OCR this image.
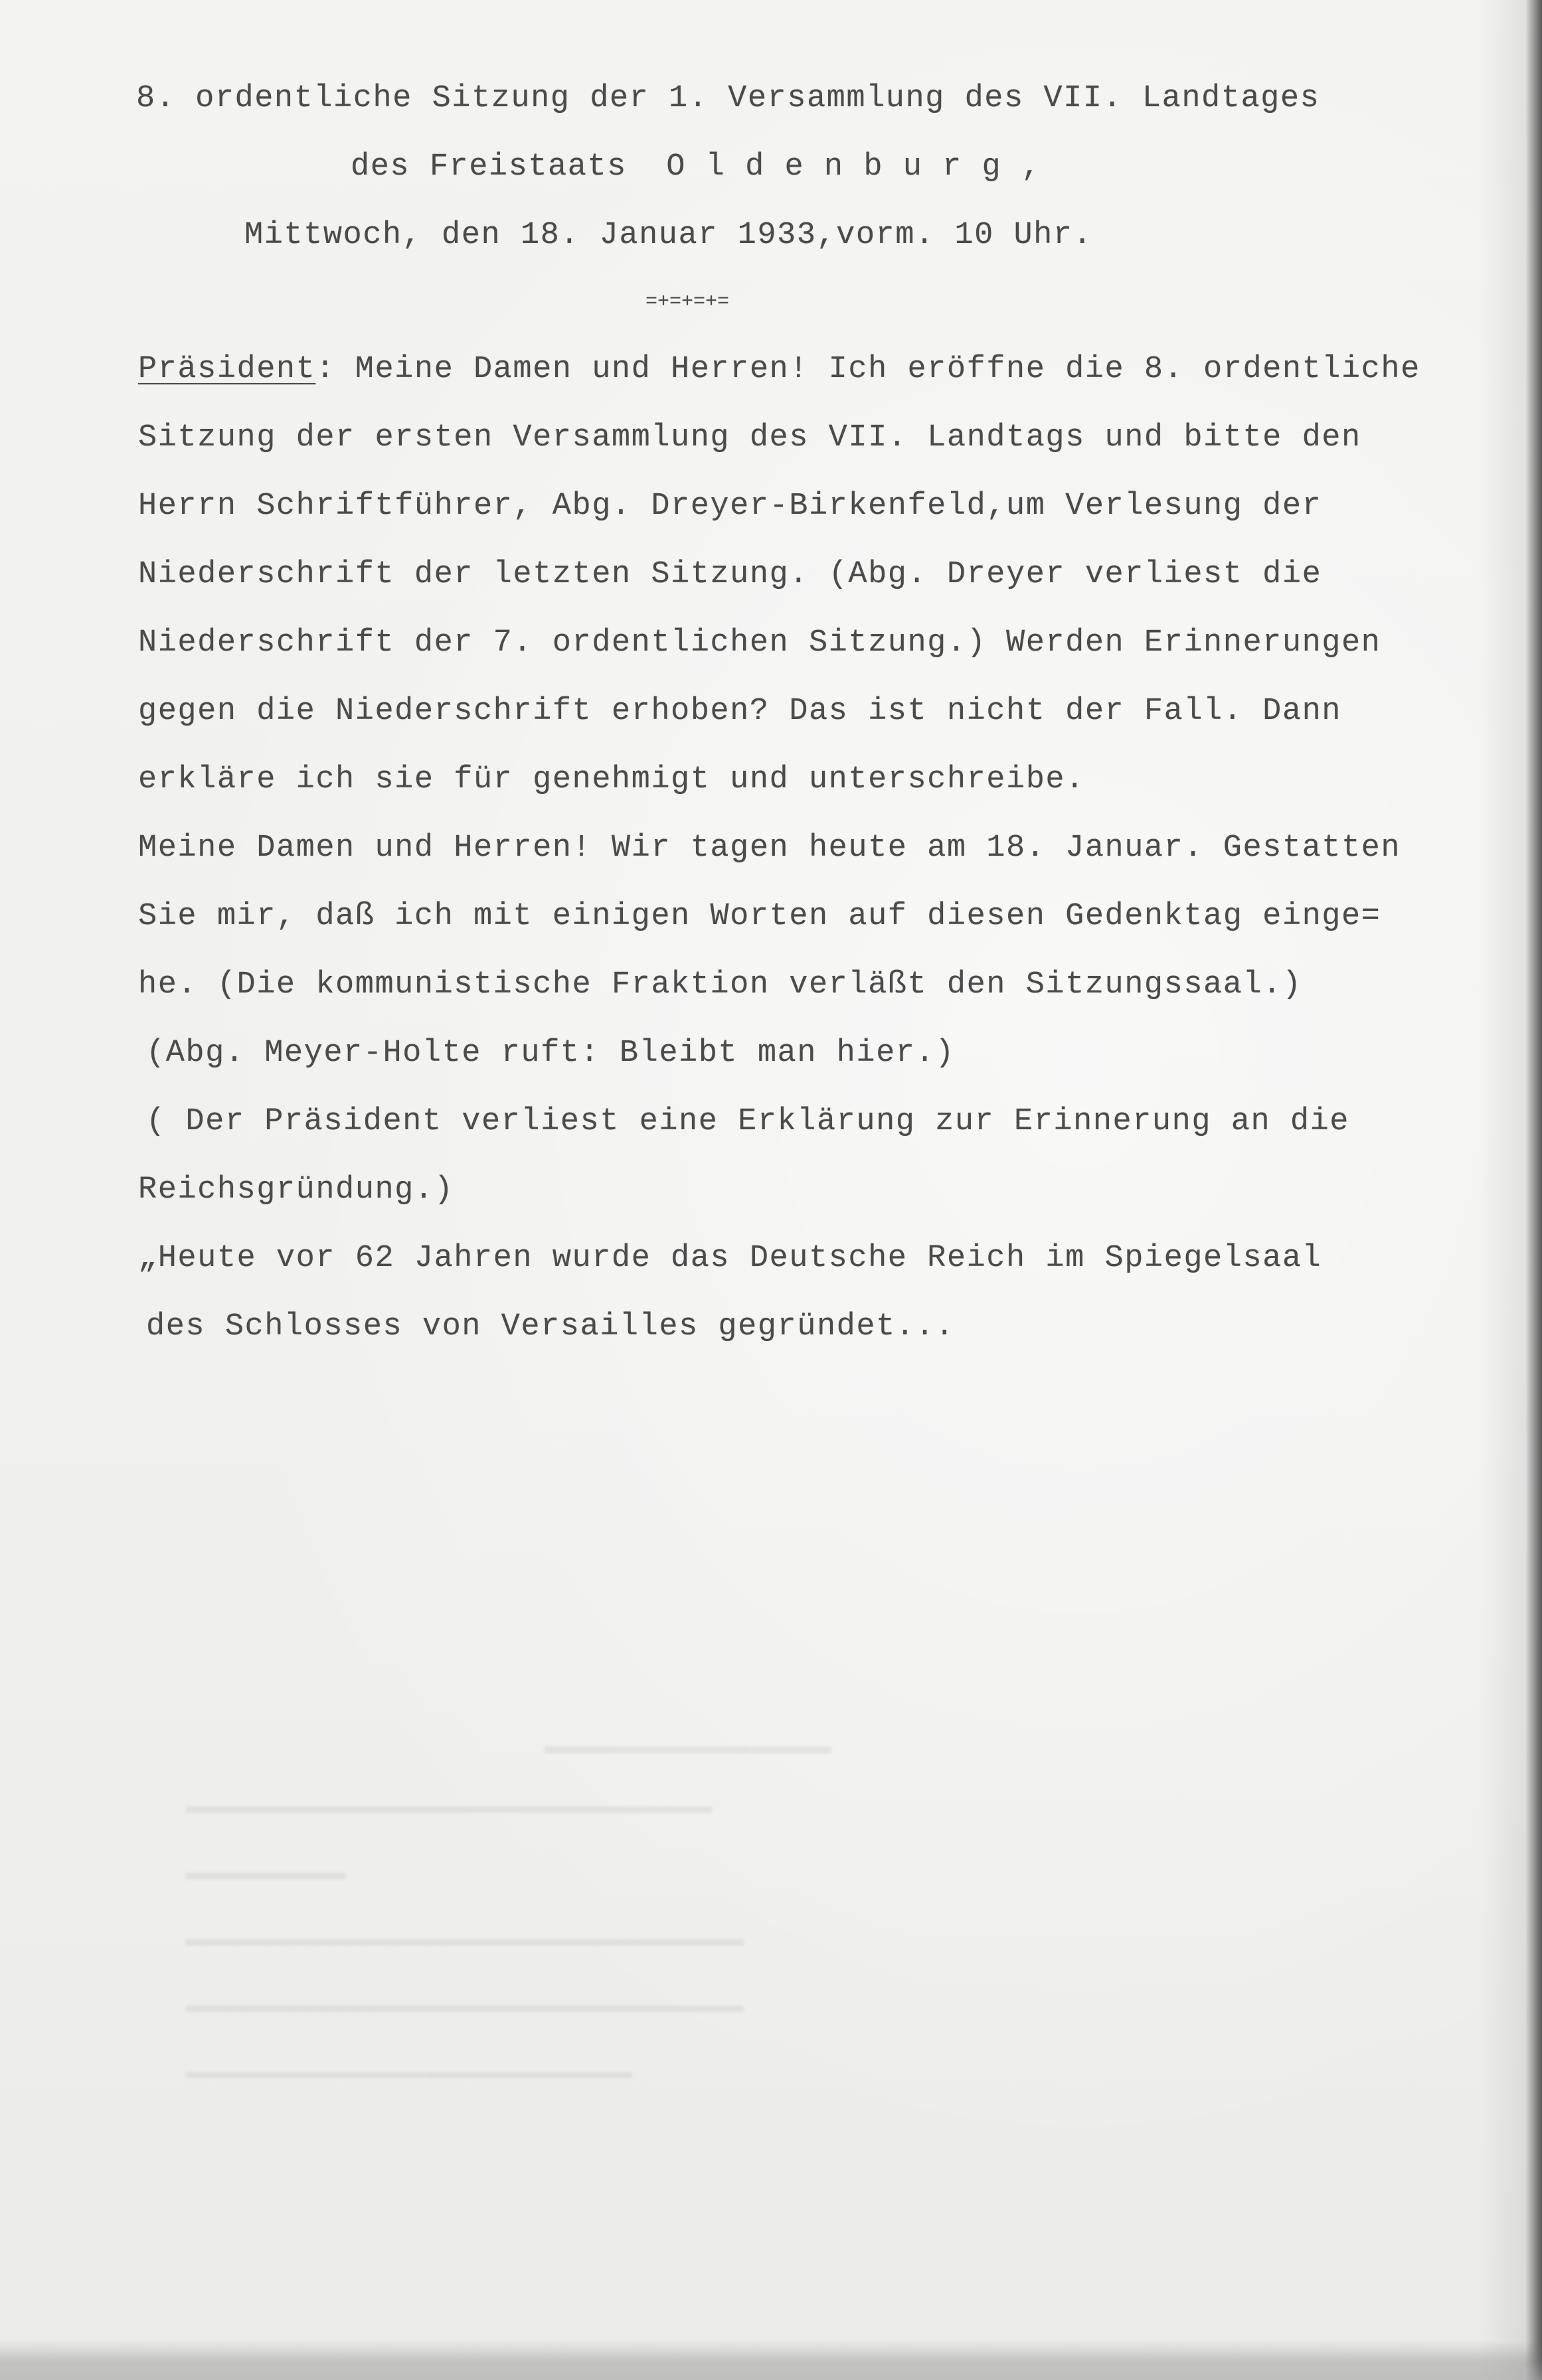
▬▬▬▬▬▬▬▬▬▬▬▬▬▬▬▬▬▬
▬▬▬▬▬▬▬▬▬▬▬▬▬▬▬▬▬▬▬▬▬▬▬▬▬▬▬▬▬▬▬▬▬
▬▬▬▬▬▬▬▬▬▬
▬▬▬▬▬▬▬▬▬▬▬▬▬▬▬▬▬▬▬▬▬▬▬▬▬▬▬▬▬▬▬▬▬▬▬
▬▬▬▬▬▬▬▬▬▬▬▬▬▬▬▬▬▬▬▬▬▬▬▬▬▬▬▬▬▬▬▬▬▬▬
▬▬▬▬▬▬▬▬▬▬▬▬▬▬▬▬▬▬▬▬▬▬▬▬▬▬▬▬
8. ordentliche Sitzung der 1. Versammlung des VII. Landtages
des Freistaats  O l d e n b u r g ,
Mittwoch, den 18. Januar 1933,vorm. 10 Uhr.
=+=+=+=
Präsident: Meine Damen und Herren! Ich eröffne die 8. ordentliche
Sitzung der ersten Versammlung des VII. Landtags und bitte den
Herrn Schriftführer, Abg. Dreyer-Birkenfeld,um Verlesung der
Niederschrift der letzten Sitzung. (Abg. Dreyer verliest die
Niederschrift der 7. ordentlichen Sitzung.) Werden Erinnerungen
gegen die Niederschrift erhoben? Das ist nicht der Fall. Dann
erkläre ich sie für genehmigt und unterschreibe.
Meine Damen und Herren! Wir tagen heute am 18. Januar. Gestatten
Sie mir, daß ich mit einigen Worten auf diesen Gedenktag einge=
he. (Die kommunistische Fraktion verläßt den Sitzungssaal.)
(Abg. Meyer-Holte ruft: Bleibt man hier.)
( Der Präsident verliest eine Erklärung zur Erinnerung an die
Reichsgründung.)
„Heute vor 62 Jahren wurde das Deutsche Reich im Spiegelsaal
des Schlosses von Versailles gegründet...
